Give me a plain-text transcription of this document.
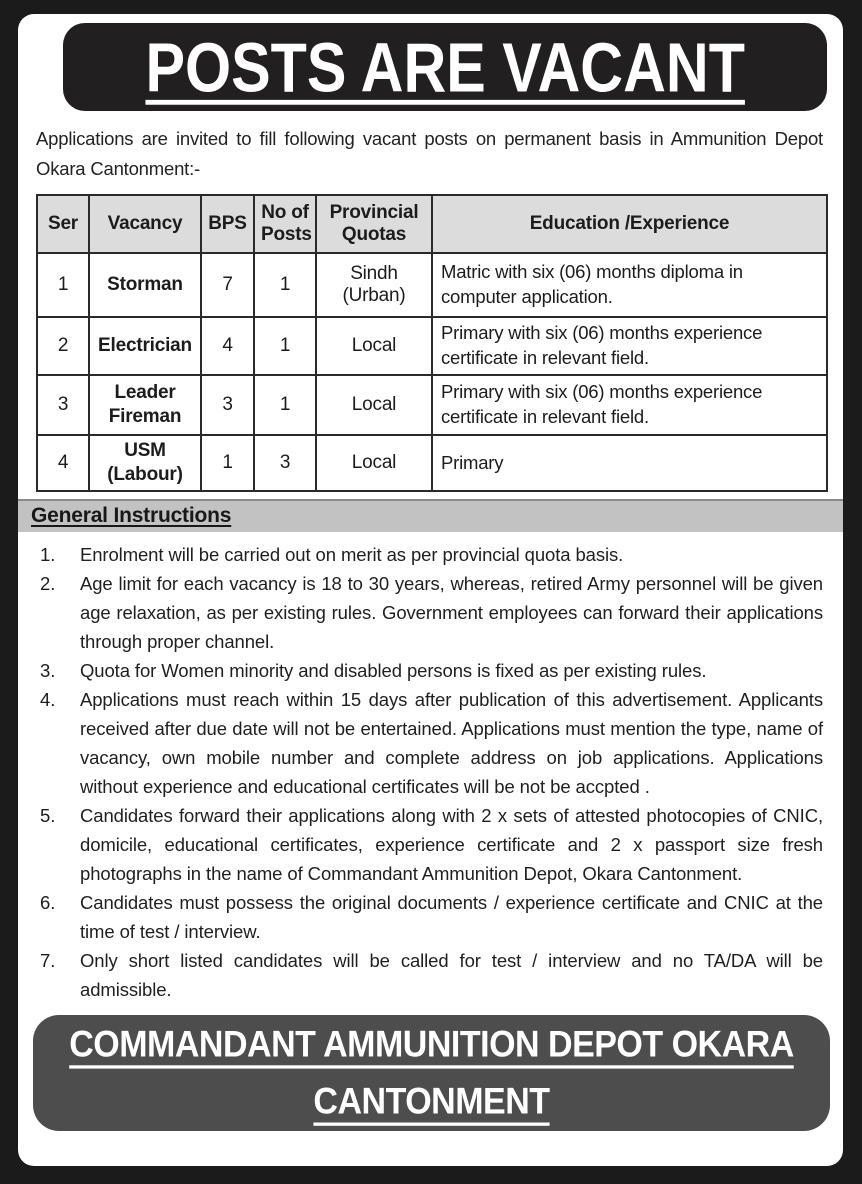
POSTS ARE VACANT

Applications are invited to fill following vacant posts on permanent basis in Ammunition Depot Okara Cantonment:-

Ser	Vacancy	BPS	No of Posts	Provincial Quotas	Education /Experience
1	Storman	7	1	Sindh (Urban)	Matric with six (06) months diploma in computer application.
2	Electrician	4	1	Local	Primary with six (06) months experience certificate in relevant field.
3	Leader Fireman	3	1	Local	Primary with six (06) months experience certificate in relevant field.
4	USM (Labour)	1	3	Local	Primary
General Instructions
1.	Enrolment will be carried out on merit as per provincial quota basis.
2.	Age limit for each vacancy is 18 to 30 years, whereas, retired Army personnel will be given age relaxation, as per existing rules. Government employees can forward their applications through proper channel.
3.	Quota for Women minority and disabled persons is fixed as per existing rules.
4.	Applications must reach within 15 days after publication of this advertisement. Applicants received after due date will not be entertained. Applications must mention the type, name of vacancy, own mobile number and complete address on job applications. Applications without experience and educational certificates will be not be accpted .
5.	Candidates forward their applications along with 2 x sets of attested photocopies of CNIC, domicile, educational certificates, experience certificate and 2 x passport size fresh photographs in the name of Commandant Ammunition Depot, Okara Cantonment.
6.	Candidates must possess the original documents / experience certificate and CNIC at the time of test / interview.
7.	Only short listed candidates will be called for test / interview and no TA/DA will be admissible.
COMMANDANT AMMUNITION DEPOT OKARA CANTONMENT
